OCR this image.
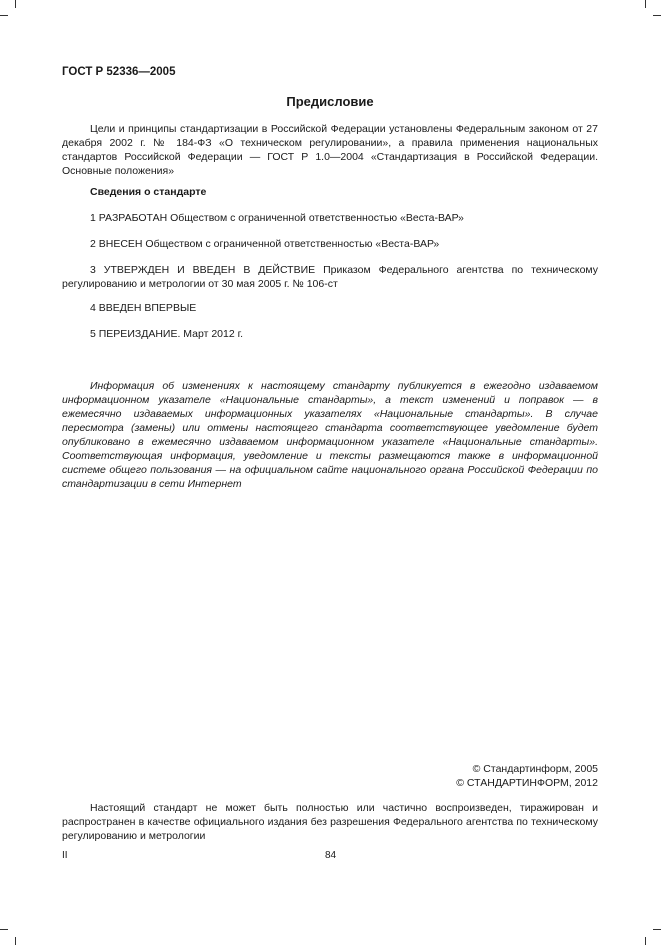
ГОСТ Р 52336—2005
Предисловие
Цели и принципы стандартизации в Российской Федерации установлены Федеральным законом от 27 декабря 2002 г. № 184-ФЗ «О техническом регулировании», а правила применения национальных стандартов Российской Федерации — ГОСТ Р 1.0—2004 «Стандартизация в Российской Федерации. Основные положения»
Сведения о стандарте
1 РАЗРАБОТАН Обществом с ограниченной ответственностью «Веста-ВАР»
2 ВНЕСЕН Обществом с ограниченной ответственностью «Веста-ВАР»
3 УТВЕРЖДЕН И ВВЕДЕН В ДЕЙСТВИЕ Приказом Федерального агентства по техническому регулированию и метрологии от 30 мая 2005 г. № 106-ст
4 ВВЕДЕН ВПЕРВЫЕ
5 ПЕРЕИЗДАНИЕ. Март 2012 г.
Информация об изменениях к настоящему стандарту публикуется в ежегодно издаваемом информационном указателе «Национальные стандарты», а текст изменений и поправок — в ежемесячно издаваемых информационных указателях «Национальные стандарты». В случае пересмотра (замены) или отмены настоящего стандарта соответствующее уведомление будет опубликовано в ежемесячно издаваемом информационном указателе «Национальные стандарты». Соответствующая информация, уведомление и тексты размещаются также в информационной системе общего пользования — на официальном сайте национального органа Российской Федерации по стандартизации в сети Интернет
© Стандартинформ, 2005
© СТАНДАРТИНФОРМ, 2012
Настоящий стандарт не может быть полностью или частично воспроизведен, тиражирован и распространен в качестве официального издания без разрешения Федерального агентства по техническому регулированию и метрологии
II	84
